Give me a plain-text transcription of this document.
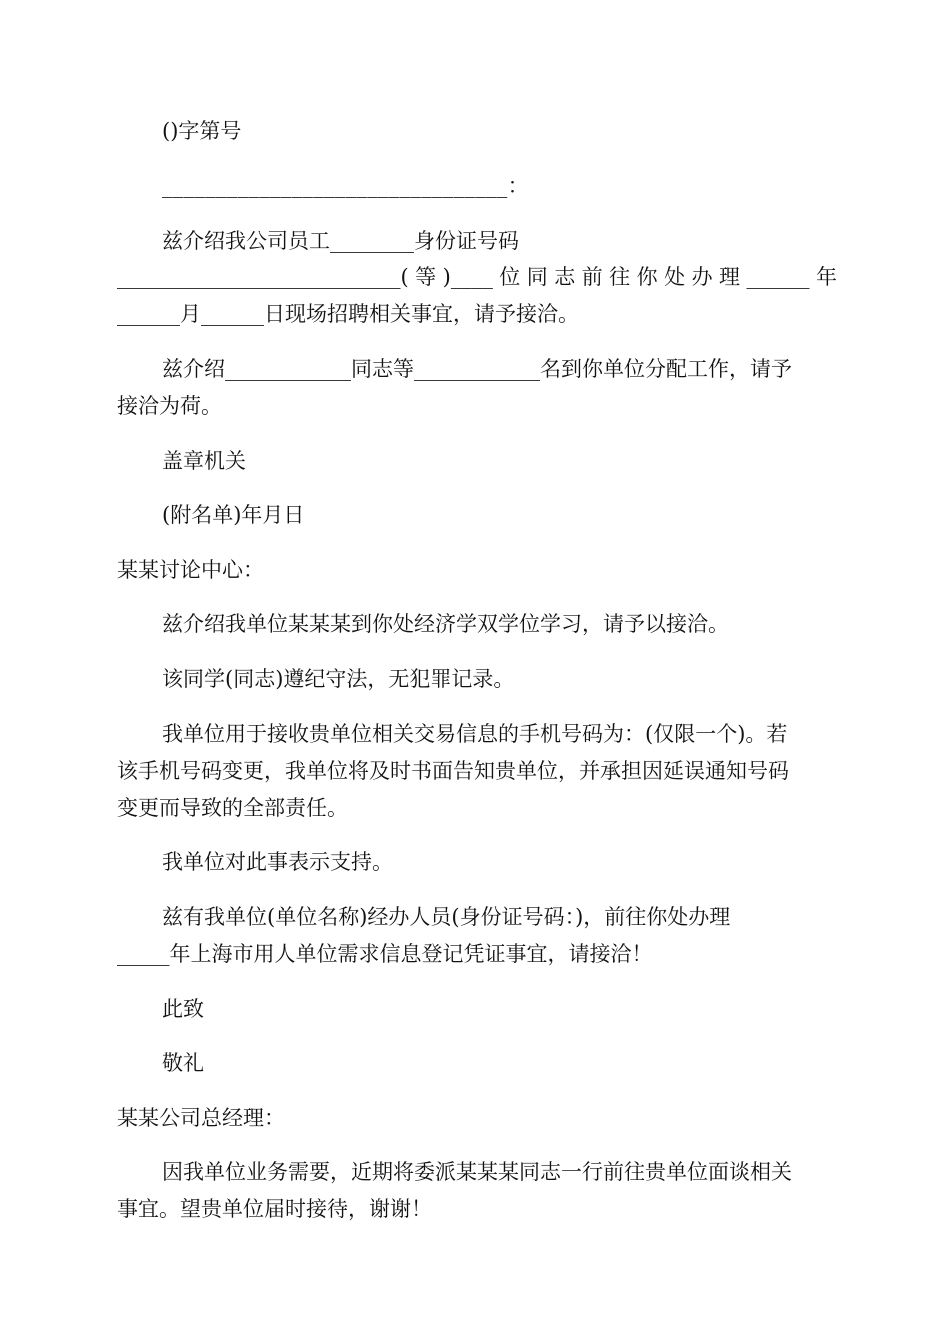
()字第号
________________________________：
兹介绍我公司员工________身份证号码
___________________________(等)____位同志前往你处办理______年
______月______日现场招聘相关事宜，请予接洽。
兹介绍____________同志等____________名到你单位分配工作，请予
接洽为荷。
盖章机关
(附名单)年月日
某某讨论中心：
兹介绍我单位某某某到你处经济学双学位学习，请予以接洽。
该同学(同志)遵纪守法，无犯罪记录。
我单位用于接收贵单位相关交易信息的手机号码为：(仅限一个)。若
该手机号码变更，我单位将及时书面告知贵单位，并承担因延误通知号码
变更而导致的全部责任。
我单位对此事表示支持。
兹有我单位(单位名称)经办人员(身份证号码：)，前往你处办理
_____年上海市用人单位需求信息登记凭证事宜，请接洽！
此致
敬礼
某某公司总经理：
因我单位业务需要，近期将委派某某某同志一行前往贵单位面谈相关
事宜。望贵单位届时接待，谢谢！
